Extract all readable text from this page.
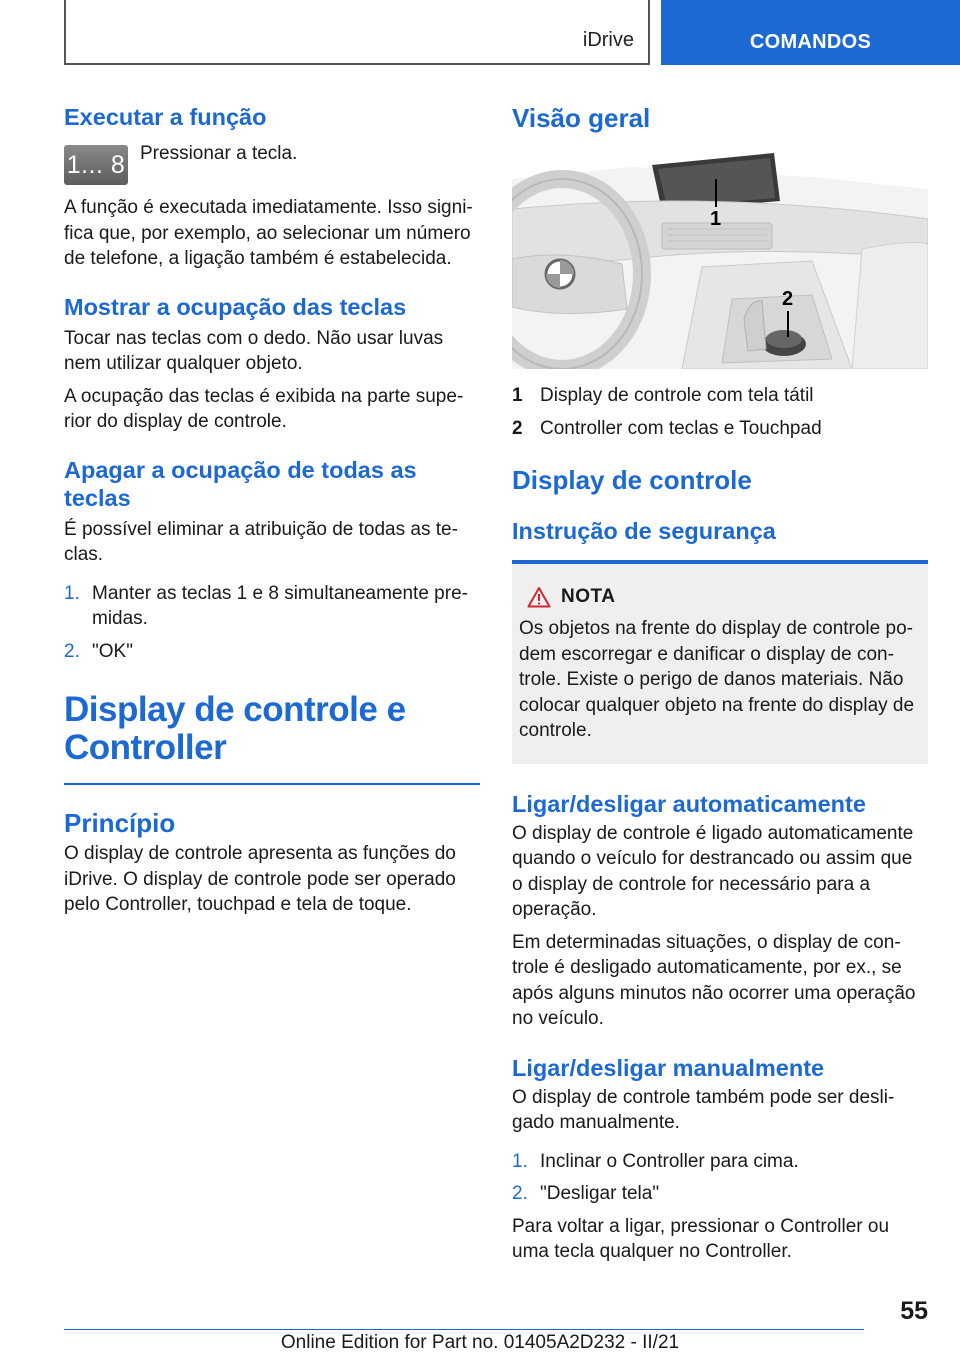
iDrive	COMANDOS
Executar a função
1... 8 Pressionar a tecla.

A função é executada imediatamente. Isso significa que, por exemplo, ao selecionar um número de telefone, a ligação também é estabelecida.

Mostrar a ocupação das teclas

Tocar nas teclas com o dedo. Não usar luvas nem utilizar qualquer objeto.

A ocupação das teclas é exibida na parte superior do display de controle.

Apagar a ocupação de todas as teclas

É possível eliminar a atribuição de todas as teclas.

1. Manter as teclas 1 e 8 simultaneamente premidas.
2. "OK"
Display de controle e Controller
Princípio

O display de controle apresenta as funções do iDrive. O display de controle pode ser operado pelo Controller, touchpad e tela de toque.

Visão geral
1
2
1 Display de controle com tela tátil
2 Controller com teclas e Touchpad
Display de controle
Instrução de segurança
NOTA

Os objetos na frente do display de controle podem escorregar e danificar o display de controle. Existe o perigo de danos materiais. Não colocar qualquer objeto na frente do display de controle.

Ligar/desligar automaticamente

O display de controle é ligado automaticamente quando o veículo for destrancado ou assim que o display de controle for necessário para a operação.

Em determinadas situações, o display de controle é desligado automaticamente, por ex., se após alguns minutos não ocorrer uma operação no veículo.

Ligar/desligar manualmente

O display de controle também pode ser desligado manualmente.

1. Inclinar o Controller para cima.
2. "Desligar tela"

Para voltar a ligar, pressionar o Controller ou uma tecla qualquer no Controller.

55
Online Edition for Part no. 01405A2D232 - II/21
